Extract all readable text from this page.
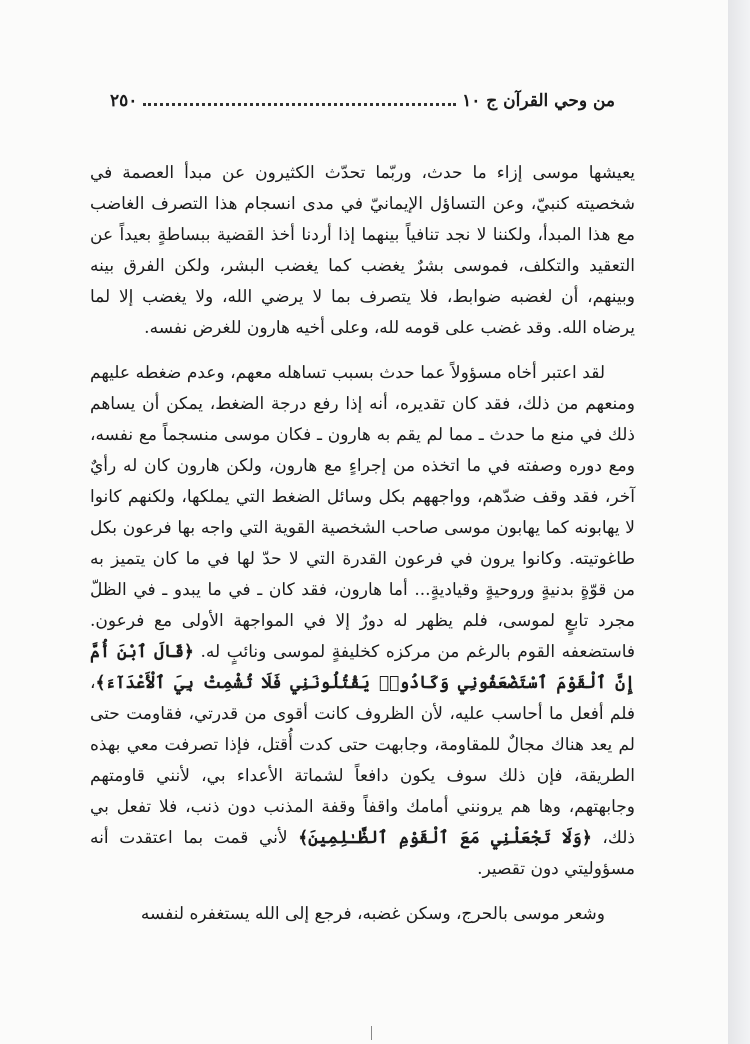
من وحي القرآن ج ١٠
٢٥٠

يعيشها موسى إزاء ما حدث، وربّما تحدّث الكثيرون عن مبدأ العصمة في شخصيته كنبيّ، وعن التساؤل الإيمانيّ في مدى انسجام هذا التصرف الغاضب مع هذا المبدأ، ولكننا لا نجد تنافياً بينهما إذا أردنا أخذ القضية ببساطةٍ بعيداً عن التعقيد والتكلف، فموسى بشرٌ يغضب كما يغضب البشر، ولكن الفرق بينه وبينهم، أن لغضبه ضوابط، فلا يتصرف بما لا يرضي الله، ولا يغضب إلا لما يرضاه الله. وقد غضب على قومه لله، وعلى أخيه هارون للغرض نفسه.

لقد اعتبر أخاه مسؤولاً عما حدث بسبب تساهله معهم، وعدم ضغطه عليهم ومنعهم من ذلك، فقد كان تقديره، أنه إذا رفع درجة الضغط، يمكن أن يساهم ذلك في منع ما حدث ـ مما لم يقم به هارون ـ فكان موسى منسجماً مع نفسه، ومع دوره وصفته في ما اتخذه من إجراءٍ مع هارون، ولكن هارون كان له رأيٌ آخر، فقد وقف ضدّهم، وواجههم بكل وسائل الضغط التي يملكها، ولكنهم كانوا لا يهابونه كما يهابون موسى صاحب الشخصية القوية التي واجه بها فرعون بكل طاغوتيته. وكانوا يرون في فرعون القدرة التي لا حدّ لها في ما كان يتميز به من قوّةٍ بدنيةٍ وروحيةٍ وقياديةٍ... أما هارون، فقد كان ـ في ما يبدو ـ في الظلّ مجرد تابعٍ لموسى، فلم يظهر له دورٌ إلا في المواجهة الأولى مع فرعون. فاستضعفه القوم بالرغم من مركزه كخليفةٍ لموسى ونائبٍ له. ﴿قَالَ ٱبْنَ أُمَّ إِنَّ ٱلْقَوْمَ ٱسْتَضْعَفُونِي وَكَادُوا۟ يَقْتُلُونَنِي فَلَا تُشْمِتْ بِيَ ٱلْأَعْدَآءَ﴾، فلم أفعل ما أحاسب عليه، لأن الظروف كانت أقوى من قدرتي، فقاومت حتى لم يعد هناك مجالٌ للمقاومة، وجابهت حتى كدت أُقتل، فإذا تصرفت معي بهذه الطريقة، فإن ذلك سوف يكون دافعاً لشماتة الأعداء بي، لأنني قاومتهم وجابهتهم، وها هم يرونني أمامك واقفاً وقفة المذنب دون ذنب، فلا تفعل بي ذلك، ﴿وَلَا تَجْعَلْنِي مَعَ ٱلْقَوْمِ ٱلظَّـٰلِمِينَ﴾ لأني قمت بما اعتقدت أنه مسؤوليتي دون تقصير.

وشعر موسى بالحرج، وسكن غضبه، فرجع إلى الله يستغفره لنفسه
